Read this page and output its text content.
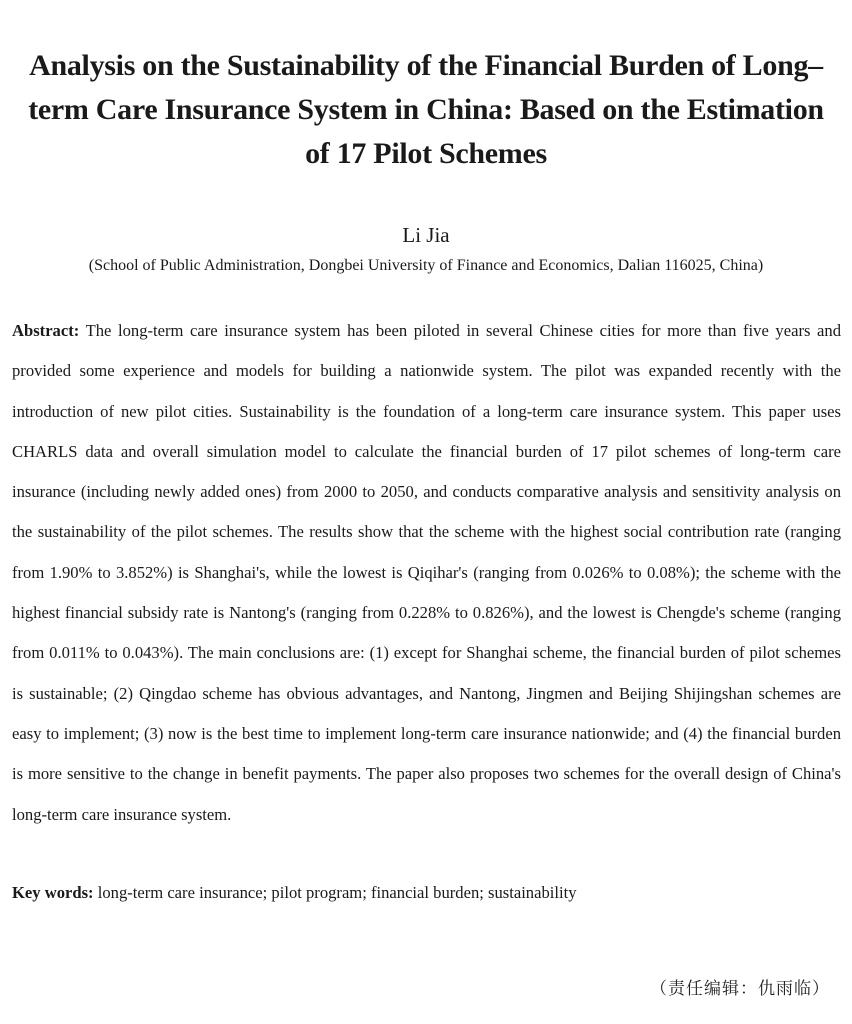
Analysis on the Sustainability of the Financial Burden of Long–term Care Insurance System in China: Based on the Estimation of 17 Pilot Schemes
Li Jia
(School of Public Administration, Dongbei University of Finance and Economics, Dalian 116025, China)

Abstract: The long-term care insurance system has been piloted in several Chinese cities for more than five years and provided some experience and models for building a nationwide system. The pilot was expanded recently with the introduction of new pilot cities. Sustainability is the foundation of a long-term care insurance system. This paper uses CHARLS data and overall simulation model to calculate the financial burden of 17 pilot schemes of long-term care insurance (including newly added ones) from 2000 to 2050, and conducts comparative analysis and sensitivity analysis on the sustainability of the pilot schemes. The results show that the scheme with the highest social contribution rate (ranging from 1.90% to 3.852%) is Shanghai's, while the lowest is Qiqihar's (ranging from 0.026% to 0.08%); the scheme with the highest financial subsidy rate is Nantong's (ranging from 0.228% to 0.826%), and the lowest is Chengde's scheme (ranging from 0.011% to 0.043%). The main conclusions are: (1) except for Shanghai scheme, the financial burden of pilot schemes is sustainable; (2) Qingdao scheme has obvious advantages, and Nantong, Jingmen and Beijing Shijingshan schemes are easy to implement; (3) now is the best time to implement long-term care insurance nationwide; and (4) the financial burden is more sensitive to the change in benefit payments. The paper also proposes two schemes for the overall design of China's long-term care insurance system.

Key words: long-term care insurance; pilot program; financial burden; sustainability

（责任编辑：仇雨临）
